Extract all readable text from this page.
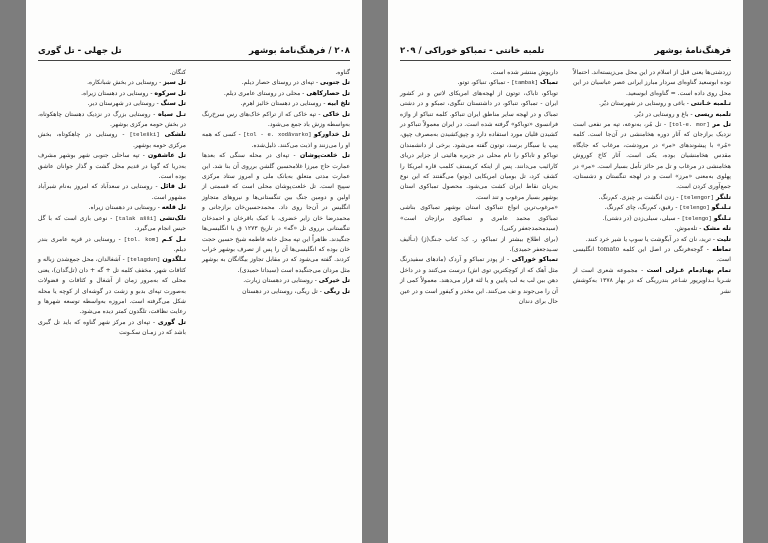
۲۰۸ / فرهنگ‌نامهٔ بوشهر
تل جهلی - تل گوری

گناوه.

تل جنوبی - تپه‌ای در روستای حصار دیلم.

تل حصارکاهی - محلی در روستای عامری دیلم.

تلخ ابیه - روستایی در دهستان خائیز اهرم.

تل خاکی - تپه خاکی که از تراکم خاک‌های رس سرخ‌رنگ به‌واسطه وزش باد جمع می‌شود.

تل خداورکو [tol - e. xodâvarko] - کسی که همه او را می‌زنند و اذیت می‌کنند. ذلیل‌شده.

تل خلعت‌پوشان - تپه‌ای در محله سنگی که بعدها عمارت حاج میرزا غلامحسین گلشن برروی آن بنا شد. این عمارت مدتی متعلق به‌بانک ملی و امروز ستاد مرکزی سپیج است. تل خلعت‌پوشان محلی است که قسمتی از اولین و دومین جنگ بین تنگستانی‌ها و نیروهای متجاوز انگلیس در آن‌جا روی داد. محمدحسین‌خان برازجانی و محمدرضا خان زایر خضری، با کمک باقرخان و احمدخان تنگستانی برروی تل «گه» در تاریخ ۱۲۷۳ ق با انگلیسی‌ها جنگیدند. ظاهراً این تپه محل خانه فاطمه شیخ حسین حجت خان بوده که انگلیسی‌ها آن را پس از تصرف بوشهر خراب کردند. گفته می‌شود که در مقابل تجاوز بیگانگان به بوشهر مثل مردان می‌جنگیده است (سیداتا حمیدی).

تل خیرکی - روستایی در دهستان زیارت.

تل ربگی - تل ریگی، روستایی در دهستان

کنگان.

تل سبز - روستایی در بخش شبانکاره.

تل سرکوه - روستایی در دهستان زیراه.

تل سنگ - روستایی در شهرستان دیر.

تـل سیاه - روستایی بزرگ در نزدیک دهستان چاهکوتاه، در بخش حومه مرکزی بوشهر.

تلشکی [teleški] - روستایی در چاهکوتاه، بخش مرکزی حومه بوشهر.

تل عاشقون - تپه ساحلی جنوبی شهر بوشهر مشرف به‌دریا که گویا در قدیم محل گشت و گذار جوانان عاشق بوده است.

تل قائل - روستایی در سعدآباد که امروز به‌نام شبرآباد مشهور است.

تل قلعه - روستایی در دهستان زیراه.

تلک‌تشی [talak ašši] - نوعی بازی است که با گل حیس انجام می‌گیرد.

تـل کـم [tol. kom] - روستایی در قریه عامری بندر دیلم.

تـلگدون [telagdun] - آشغالدان، محل جمع‌شدن زباله و کثافات شهر. مخفف کلمه تل + گه + دان (تل‌گدان)، یعنی محلی که به‌مرور زمان از آشغال و کثافات و فضولات به‌صورت تپه‌ای بدبو و زشت در گوشه‌ای از کوچه یا محله شکل می‌گرفته است. امروزه به‌واسطه توسعه شهرها و رعایت نظافت، تلگدون کمتر دیده می‌شود.

تل گوری - تپه‌ای در مرکز شهر گناوه که باید تل گبری باشد که در زمـان سکـونت

فرهنگ‌نامهٔ بوشهر
تلمبه خانتی - تمباکو خوراکی / ۲۰۹

زردشتی‌ها یعنی قبل از اسلام در این محل می‌زیسته‌اند. احتمالاً توده ابوسعید گناوه‌ای سردار مبارز ایرانی عصر عباسیان در این محل روی داده است. = گناوه‌ای ابوسعید.

تـلمبه خـانتی - باغی و روستایی در شهرستان دیّر.

تلمبه ریسی - باغ و روستایی در دیّر.

تل مر [tol-e. mor] - تل مُر، به‌نوعه، تپه مر نفعی است نزدیک برازجان که آثار دوره هخامنشی در آن‌جا است. کلمه «مُر» با پیشوندهای «مر» در مرودشت، مرغاب که جایگاه مقدس هخامنشیان بوده، یکی است. آثار کاخ کوروش هخامنشی در مرغاب و تل مر حائز تأمل بسیار است. «مر» در پهلوی به‌معنی «مرز» است و در لهجه تنگستان و دشستان، جمع‌آوری کردن است.

تلنگر [telengor] - زدن انگشت بر چیزی. کم‌رنگ.

تـلنـگو [telengo] - رقیق، کم‌رنگ، چای کم‌رنگ.

تـلنگو [telengo] - سیلی، سیلی‌زدن (در دشتی).

تله مشک - تله‌موش.

تلیت - ترید، نان که در آبگوشت یا سوپ یا شیر خرد کنند.

تماطه - گوجه‌فرنگی در اصل این کلمه tomato انگلیسی است.

تمام بهنادمام غـزلی است - مجموعه شعری است از شـریا بـداویرپور شـاعر بندرریگی که در بهار ۱۳۷۸ به‌کوشش نشر

داریوش منتشر شده است.

تمباک [tambak] - تمباکو، تنباکو، توتو.

توباکو، تاباک، توتون از لهجه‌های امریکای لاتین و در کشور ایران - تمباکو، تنباکو، در داشتستان تنگوی، تمبکو و در دشتی تمباک و در لهجه سایر مناطق ایران تنباکو. کلمه تنباکو از واژه فرانسوی «توباکو» گرفته شده است. در ایران معمولاً تنباکو در کشیدن قلیان مورد استفاده دارد و چپق‌کشیدن به‌مصرف چپق، پیپ یا سیگار برسد، توتون گفته می‌شود. برخی از دانشمندان توباکو و تاباکو را نام محلی در جزیره هائیتی از جزایر دریای کارائیب می‌دانند. پس از اینکه کریستف کلمب قاره امریکا را کشف کرد، تل بومیان امریکایی (بوتو) می‌گفتند که این نوع به‌زبان نقاط ایران کشت می‌شود. محصول تمباکوی استان بوشهر بسیار مرغوب و تند است.

«مرغوب‌ترین انواع تنباکوی استان بوشهر تمباکوی بناشی تمباکوی محمد عامری و تمباکوی برازجان است» (سیدمحمدجعفر رکنی).

(برای اطلاع بیشتر از تمباکو، ر. ک: کتاب جـنگ‌(ژ) (تـألیف سـیدجعفر حمیدی).

تمباکو خوراکی - از پودر تمباکو و آردک (مادهای سفیدرنگ مثل آهک که از کوچکترین توی اش) درست می‌کنند و در داخل دهن بین لب به لب پایین و یا لثه قرار می‌دهند. معمولاً کمی از آن را می‌جوند و تف می‌کنند. این مخدر و کیفور است و در عین حال برای دندان
